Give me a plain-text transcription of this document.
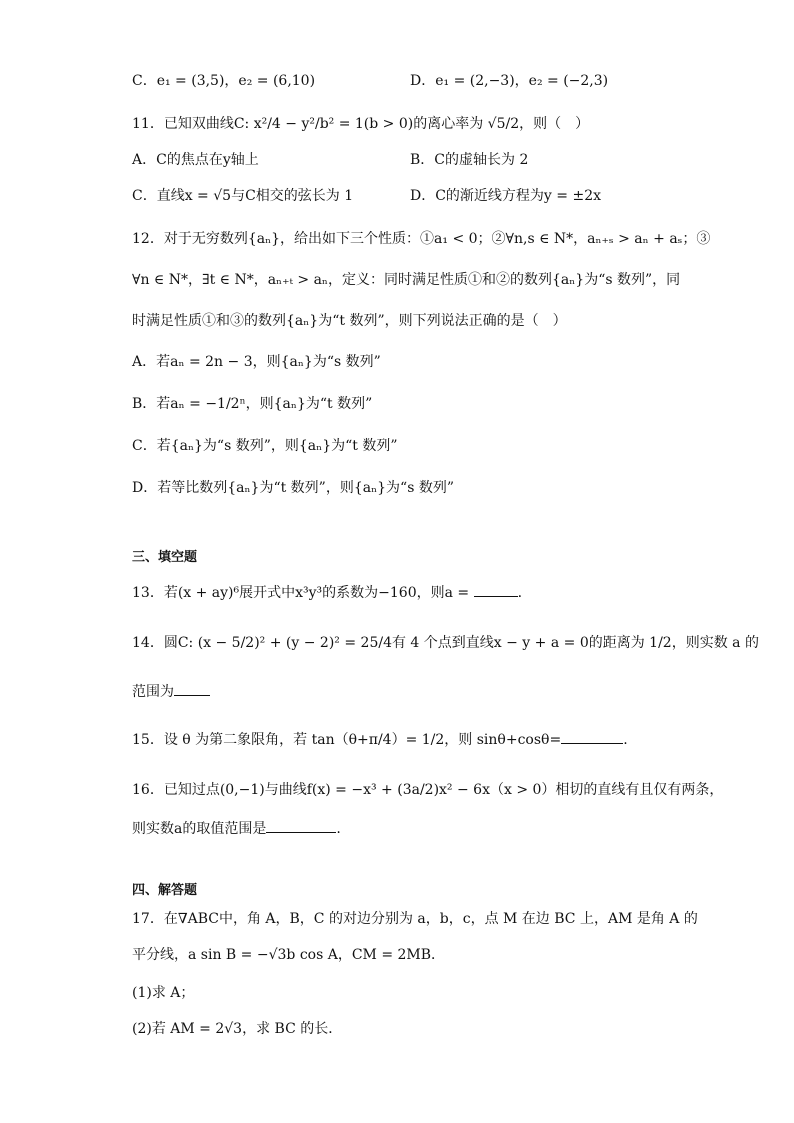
C．e₁ = (3,5)，e₂ = (6,10)	D．e₁ = (2,−3)，e₂ = (−2,3)
11．已知双曲线C: x²/4 − y²/b² = 1(b > 0)的离心率为 √5/2，则（　）
A．C的焦点在y轴上	B．C的虚轴长为 2
C．直线x = √5与C相交的弦长为 1	D．C的渐近线方程为y = ±2x
12．对于无穷数列{aₙ}，给出如下三个性质：①a₁ < 0；②∀n,s ∈ N*，aₙ₊ₛ > aₙ + aₛ；③
∀n ∈ N*，∃t ∈ N*，aₙ₊ₜ > aₙ，定义：同时满足性质①和②的数列{aₙ}为“s 数列”，同
时满足性质①和③的数列{aₙ}为“t 数列”，则下列说法正确的是（　）
A．若aₙ = 2n − 3，则{aₙ}为“s 数列”
B．若aₙ = −1/2ⁿ，则{aₙ}为“t 数列”
C．若{aₙ}为“s 数列”，则{aₙ}为“t 数列”
D．若等比数列{aₙ}为“t 数列”，则{aₙ}为“s 数列”
三、填空题
13．若(x + ay)⁶展开式中x³y³的系数为−160，则a =	.
14．圆C: (x − 5/2)² + (y − 2)² = 25/4有 4 个点到直线x − y + a = 0的距离为 1/2，则实数 a 的
范围为
15．设 θ 为第二象限角，若 tan（θ+π/4）= 1/2，则 sinθ+cosθ=	.
16．已知过点(0,−1)与曲线f(x) = −x³ + (3a/2)x² − 6x（x > 0）相切的直线有且仅有两条，
则实数a的取值范围是	.
四、解答题
17．在∇ABC中，角 A，B，C 的对边分别为 a，b，c，点 M 在边 BC 上，AM 是角 A 的
平分线，a sin B = −√3b cos A，CM = 2MB．
(1)求 A；
(2)若 AM = 2√3，求 BC 的长．
